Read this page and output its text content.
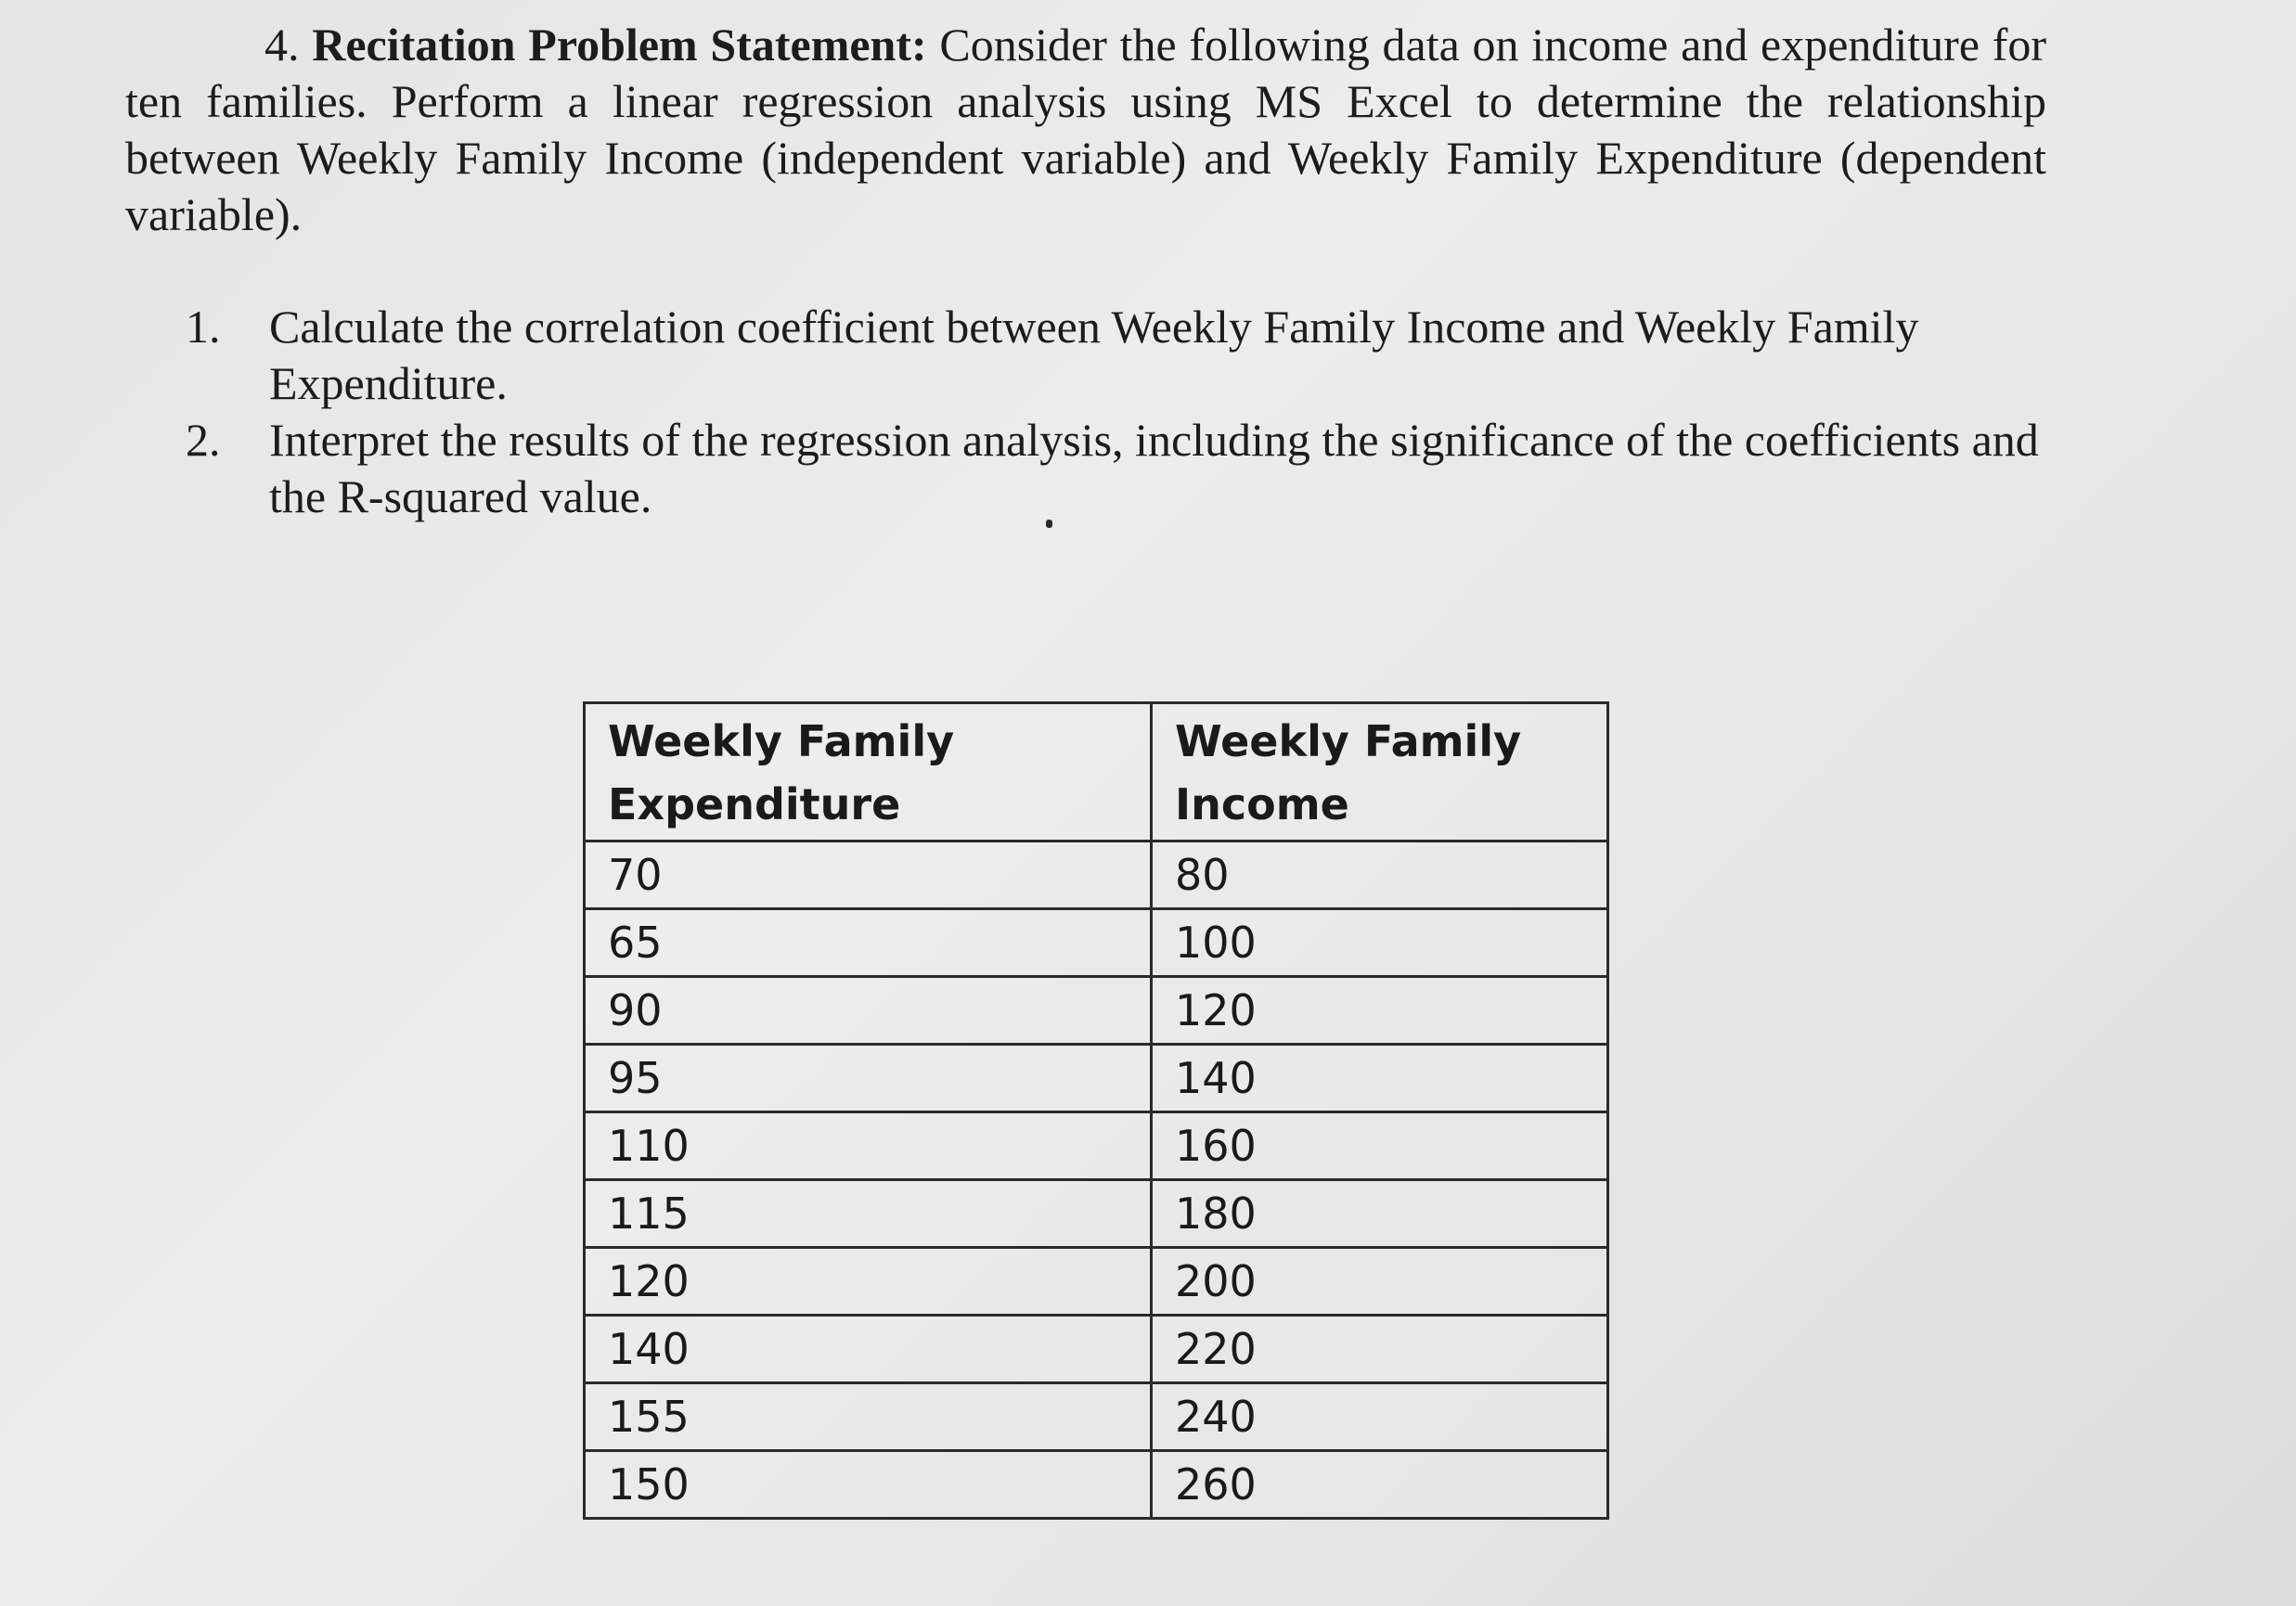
4. Recitation Problem Statement: Consider the following data on income and expenditure for ten families. Perform a linear regression analysis using MS Excel to determine the relationship between Weekly Family Income (independent variable) and Weekly Family Expenditure (dependent variable).

1. Calculate the correlation coefficient between Weekly Family Income and Weekly Family Expenditure.
2. Interpret the results of the regression analysis, including the significance of the coefficients and the R-squared value.
Weekly Family Expenditure	Weekly Family Income
70	80
65	100
90	120
95	140
110	160
115	180
120	200
140	220
155	240
150	260
